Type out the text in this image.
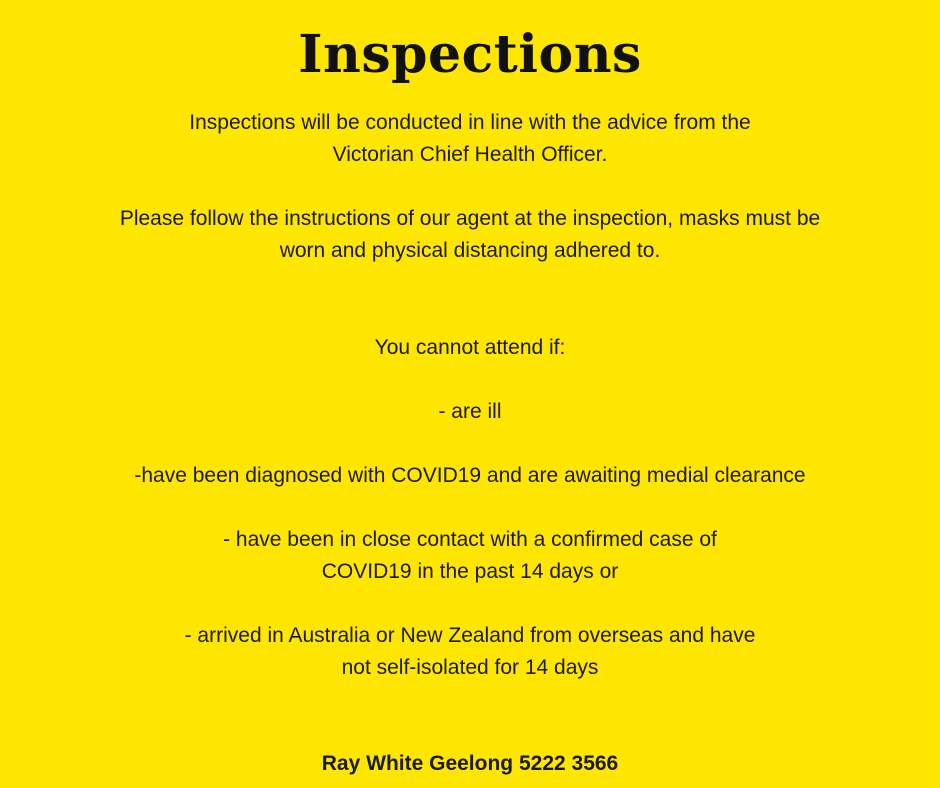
Inspections
Inspections will be conducted in line with the advice from the
Victorian Chief Health Officer.
Please follow the instructions of our agent at the inspection, masks must be
worn and physical distancing adhered to.
You cannot attend if:
- are ill
-have been diagnosed with COVID19 and are awaiting medial clearance
- have been in close contact with a confirmed case of
COVID19 in the past 14 days or
- arrived in Australia or New Zealand from overseas and have
not self-isolated for 14 days
Ray White Geelong 5222 3566
